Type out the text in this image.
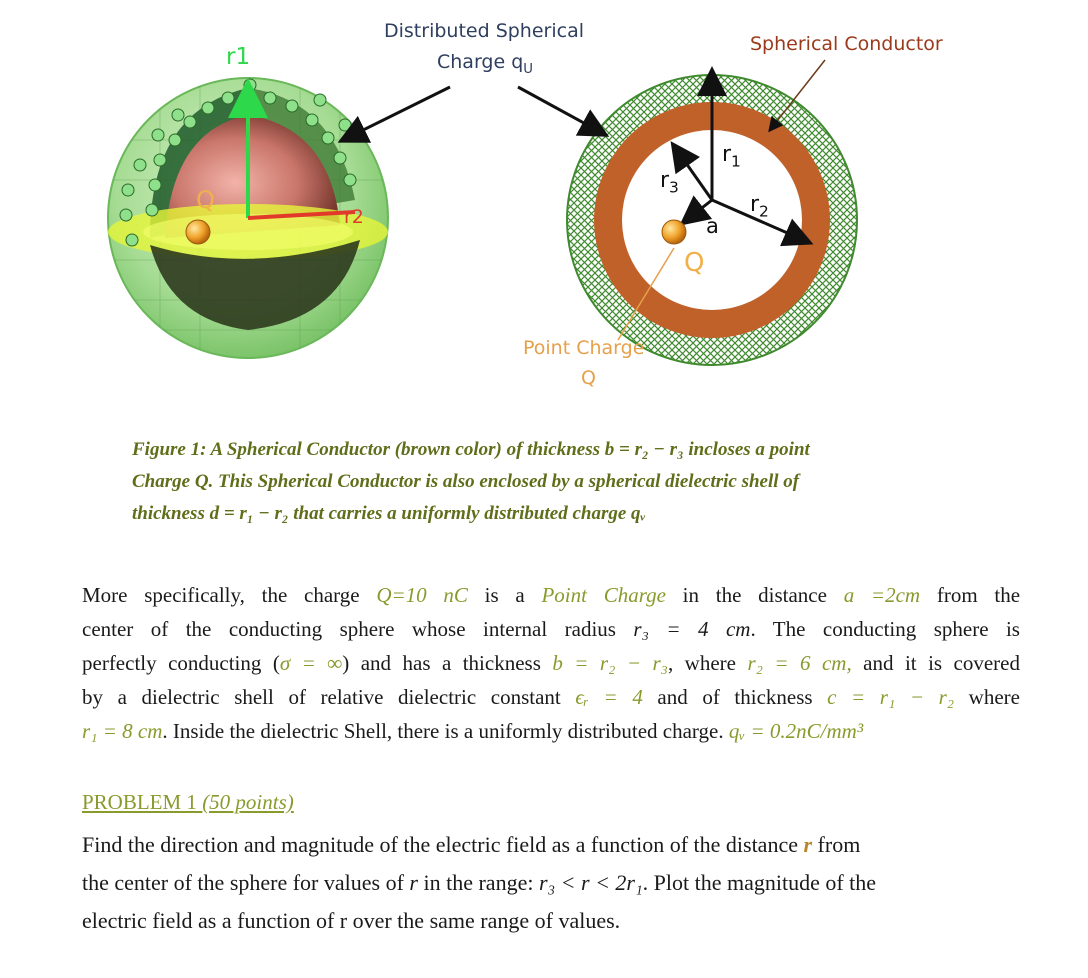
r1
r2
Q
Distributed Spherical
Charge $q_U$
Spherical Conductor
$r_1$
$r_3$
$r_2$
a
Q
Point Charge
Q

Figure 1: A Spherical Conductor (brown color) of thickness b = r₂ − r₃ incloses a point

Charge Q. This Spherical Conductor is also enclosed by a spherical dielectric shell of

thickness d = r₁ − r₂ that carries a uniformly distributed charge qᵥ

More specifically, the charge Q=10 nC is a Point Charge in the distance a =2cm from the

center of the conducting sphere whose internal radius r₃ = 4 cm. The conducting sphere is

perfectly conducting (σ = ∞) and has a thickness b = r₂ − r₃, where r₂ = 6 cm, and it is covered

by a dielectric shell of relative dielectric constant ϵᵣ = 4 and of thickness c = r₁ − r₂ where

r₁ = 8 cm. Inside the dielectric Shell, there is a uniformly distributed charge. qᵥ = 0.2nC/mm³

PROBLEM 1 (50 points)

Find the direction and magnitude of the electric field as a function of the distance r from

the center of the sphere for values of r in the range: r₃ < r < 2r₁. Plot the magnitude of the

electric field as a function of r over the same range of values.
